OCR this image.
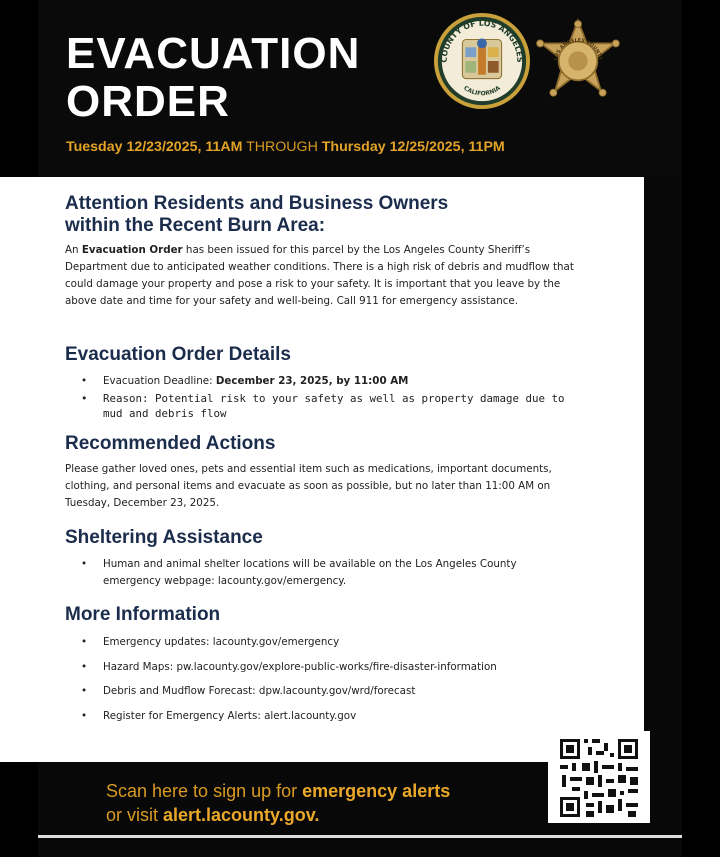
EVACUATION
ORDER
COUNTY OF LOS ANGELES
CALIFORNIA
LOS ANGELES COUNTY
Tuesday 12/23/2025, 11AM THROUGH Thursday 12/25/2025, 11PM
Attention Residents and Business Owners
within the Recent Burn Area:

An Evacuation Order has been issued for this parcel by the Los Angeles County Sheriff’s Department due to anticipated weather conditions. There is a high risk of debris and mudflow that could damage your property and pose a risk to your safety. It is important that you leave by the above date and time for your safety and well-being. Call 911 for emergency assistance.

Evacuation Order Details
• Evacuation Deadline: December 23, 2025, by 11:00 AM
• Reason: Potential risk to your safety as well as property damage due to mud and debris flow
Recommended Actions

Please gather loved ones, pets and essential item such as medications, important documents, clothing, and personal items and evacuate as soon as possible, but no later than 11:00 AM on Tuesday, December 23, 2025.

Sheltering Assistance
• Human and animal shelter locations will be available on the Los Angeles County emergency webpage: lacounty.gov/emergency.
More Information
• Emergency updates: lacounty.gov/emergency
• Hazard Maps: pw.lacounty.gov/explore-public-works/fire-disaster-information
• Debris and Mudflow Forecast: dpw.lacounty.gov/wrd/forecast
• Register for Emergency Alerts: alert.lacounty.gov
Scan here to sign up for emergency alerts
or visit alert.lacounty.gov.
